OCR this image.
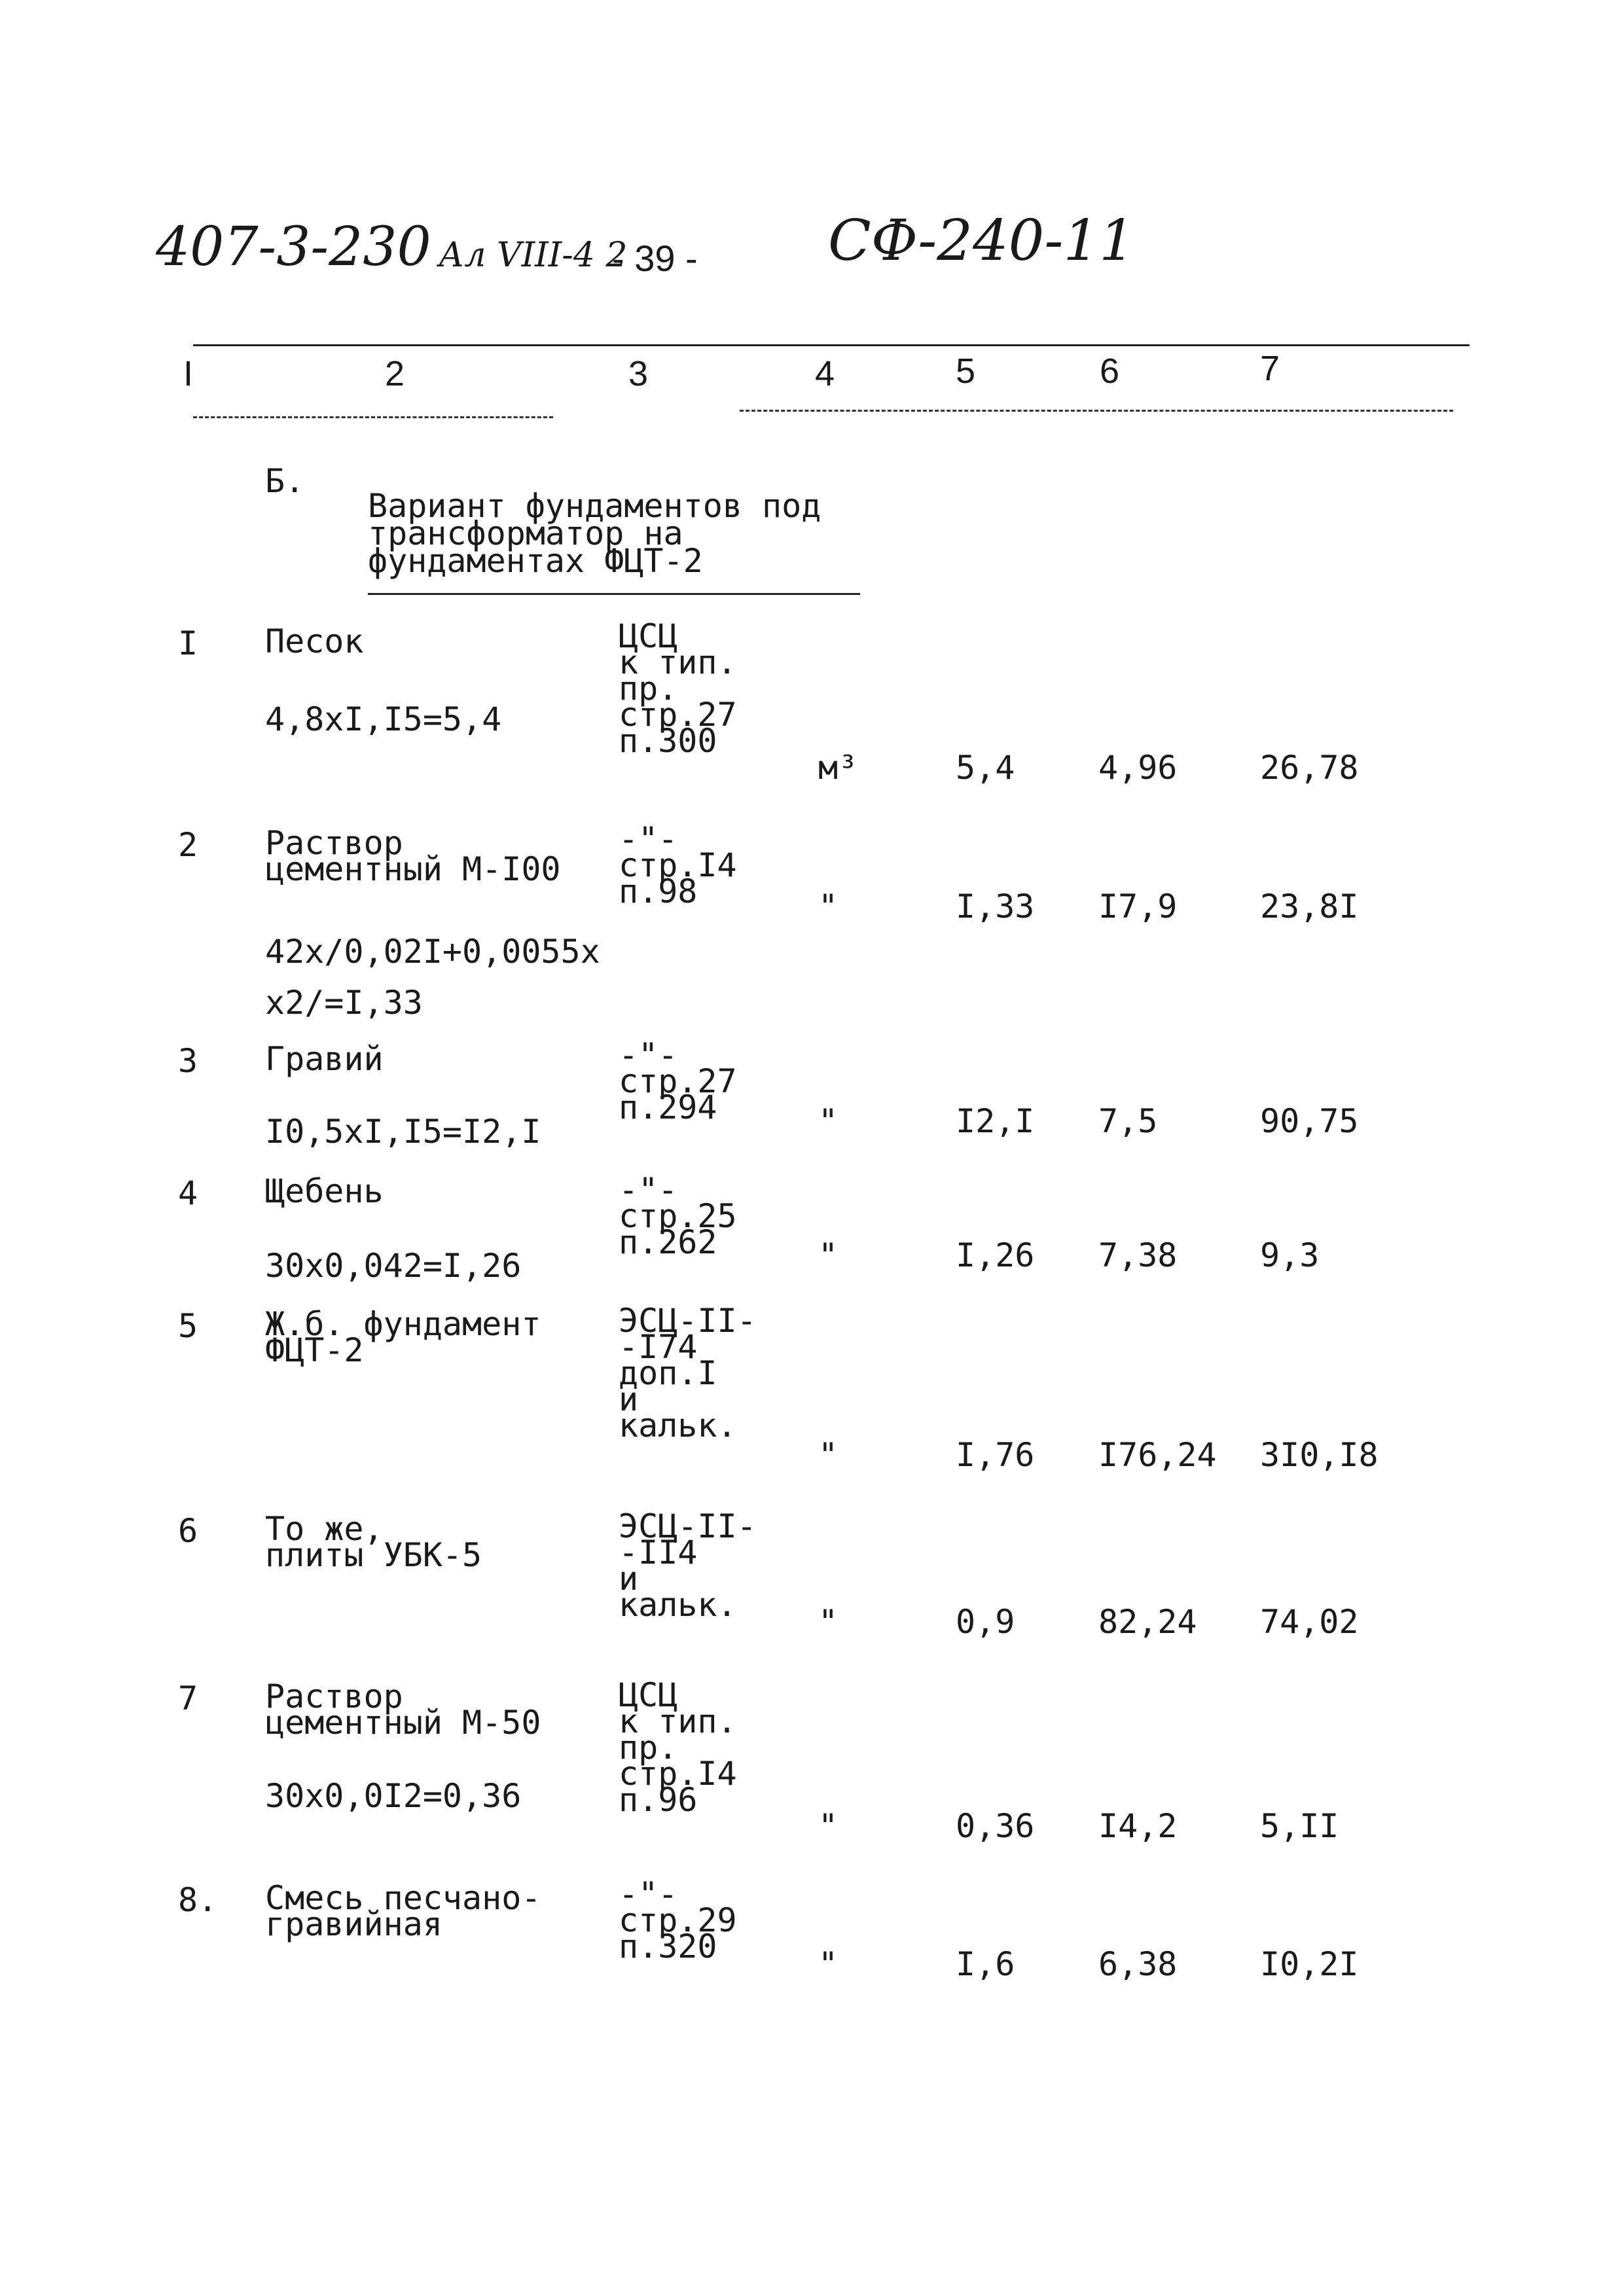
407-3-230 Ал VIII-4 2
- 39 - СФ-240-11
I	2	3	4	5	6	7
Б.
Вариант фундаментов под
трансформатор на
фундаментах ФЦТ-2
I Песок
4,8хI,I5=5,4
ЦСЦ
к тип.
пр.
стр.27
п.300
м³	5,4	4,96	26,78
2 Раствор
цементный М-I00
42х/0,02I+0,0055х
х2/=I,33
-"-
стр.I4
п.98	"	I,33 I7,9	23,8I
3 Гравий
I0,5хI,I5=I2,I
-"-
стр.27
п.294	"	I2,I 7,5	90,75
4 Щебень
30х0,042=I,26
-"-
стр.25
п.262	"	I,26 7,38	9,3
5 Ж.б. фундамент
ФЦТ-2
ЭСЦ-II-
-I74
доп.I
и
кальк.
"	I,76 I76,24 3I0,I8
6 То же,
плиты УБК-5
ЭСЦ-II-
-II4
и
кальк.	"	0,9	82,24 74,02
7 Раствор
цементный М-50
30х0,0I2=0,36
ЦСЦ
к тип.
пр.
стр.I4
п.96
"	0,36 I4,2	5,II
8. Смесь песчано-
гравийная
-"-
стр.29
п.320	"	I,6	6,38	I0,2I
